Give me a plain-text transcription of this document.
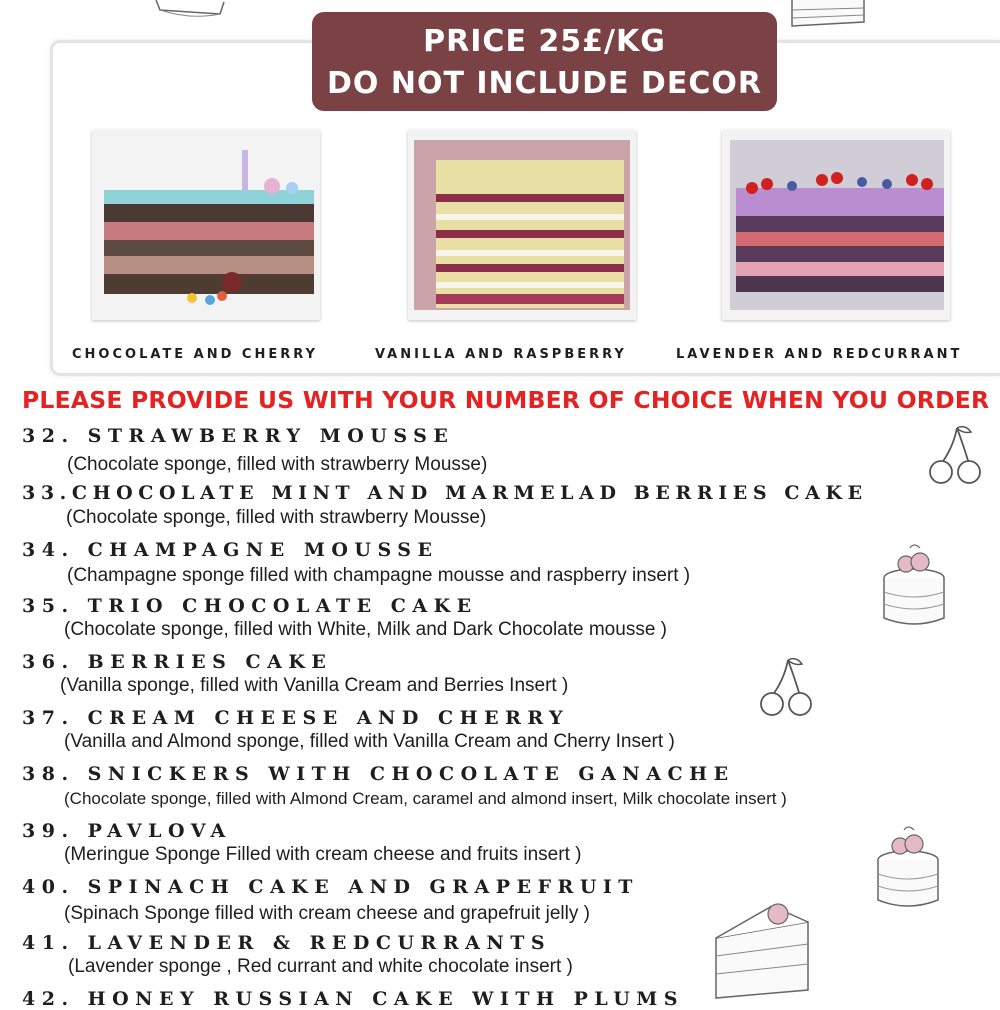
PRICE 25£/KG
DO NOT INCLUDE DECOR
CHOCOLATE AND CHERRY	VANILLA AND RASPBERRY	LAVENDER AND REDCURRANT
PLEASE PROVIDE US WITH YOUR NUMBER OF CHOICE WHEN YOU ORDER
32. STRAWBERRY MOUSSE
(Chocolate sponge, filled with strawberry Mousse)
33.CHOCOLATE MINT AND MARMELAD BERRIES CAKE
(Chocolate sponge, filled with strawberry Mousse)
34. CHAMPAGNE MOUSSE
(Champagne sponge filled with champagne mousse and raspberry insert )
35. TRIO CHOCOLATE CAKE
(Chocolate sponge, filled with White, Milk and Dark Chocolate mousse )
36. BERRIES CAKE
(Vanilla sponge, filled with Vanilla Cream and Berries Insert )
37. CREAM CHEESE AND CHERRY
(Vanilla and Almond sponge, filled with Vanilla Cream and Cherry Insert )
38. SNICKERS WITH CHOCOLATE GANACHE
(Chocolate sponge, filled with Almond Cream, caramel and almond insert, Milk chocolate insert )
39. PAVLOVA
(Meringue Sponge Filled with cream cheese and fruits insert )
40. SPINACH CAKE AND GRAPEFRUIT
(Spinach Sponge filled with cream cheese and grapefruit jelly )
41. LAVENDER & REDCURRANTS
(Lavender sponge , Red currant and white chocolate insert )
42. HONEY RUSSIAN CAKE WITH PLUMS
